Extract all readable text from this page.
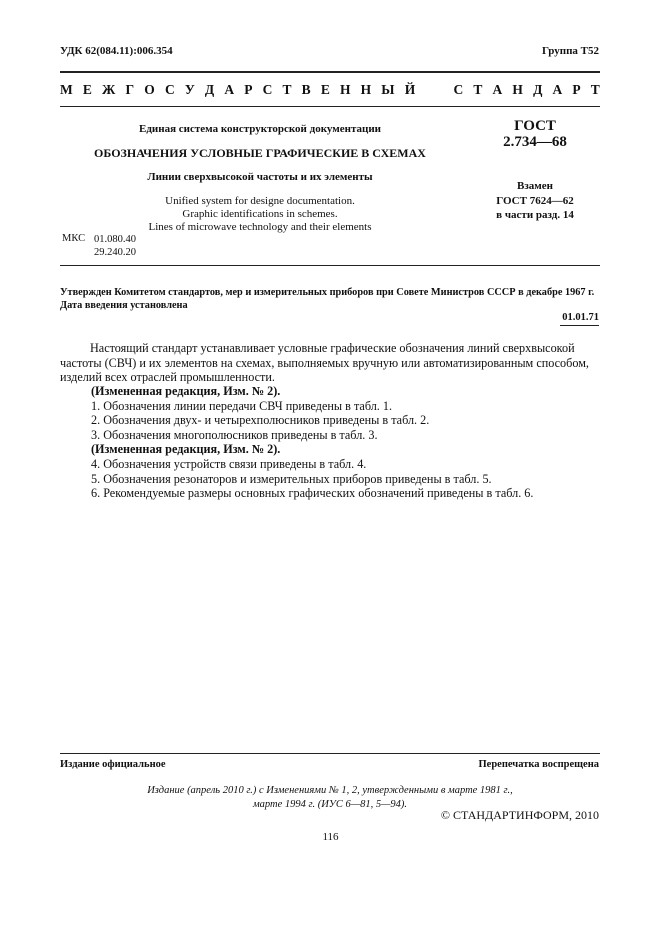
УДК 62(084.11):006.354	Группа Т52
М Е Ж Г О С У Д А Р С Т В Е Н Н Ы Й
	С Т А Н Д А Р Т
Единая система конструкторской документации
ОБОЗНАЧЕНИЯ УСЛОВНЫЕ ГРАФИЧЕСКИЕ В СХЕМАХ
Линии сверхвысокой частоты и их элементы
Unified system for designe documentation.
Graphic identifications in schemes.
Lines of microwave technology and their elements
ГОСТ
2.734—68
Взамен
ГОСТ 7624—62
в части разд. 14
МКС 01.080.40
29.240.20
Утвержден Комитетом стандартов, мер и измерительных приборов при Совете Министров СССР в декабре 1967 г.
Дата введения установлена
01.01.71
Настоящий стандарт устанавливает условные графические обозначения линий сверхвысокой
частоты (СВЧ) и их элементов на схемах, выполняемых вручную или автоматизированным способом,
изделий всех отраслей промышленности.
(Измененная редакция, Изм. № 2).
1. Обозначения линии передачи СВЧ приведены в табл. 1.
2. Обозначения двух- и четырехполюсников приведены в табл. 2.
3. Обозначения многополюсников приведены в табл. 3.
(Измененная редакция, Изм. № 2).
4. Обозначения устройств связи приведены в табл. 4.
5. Обозначения резонаторов и измерительных приборов приведены в табл. 5.
6. Рекомендуемые размеры основных графических обозначений приведены в табл. 6.
Издание официальное	Перепечатка воспрещена
Издание (апрель 2010 г.) с Изменениями № 1, 2, утвержденными в марте 1981 г.,
марте 1994 г. (ИУС 6—81, 5—94).
© СТАНДАРТИНФОРМ, 2010
116
